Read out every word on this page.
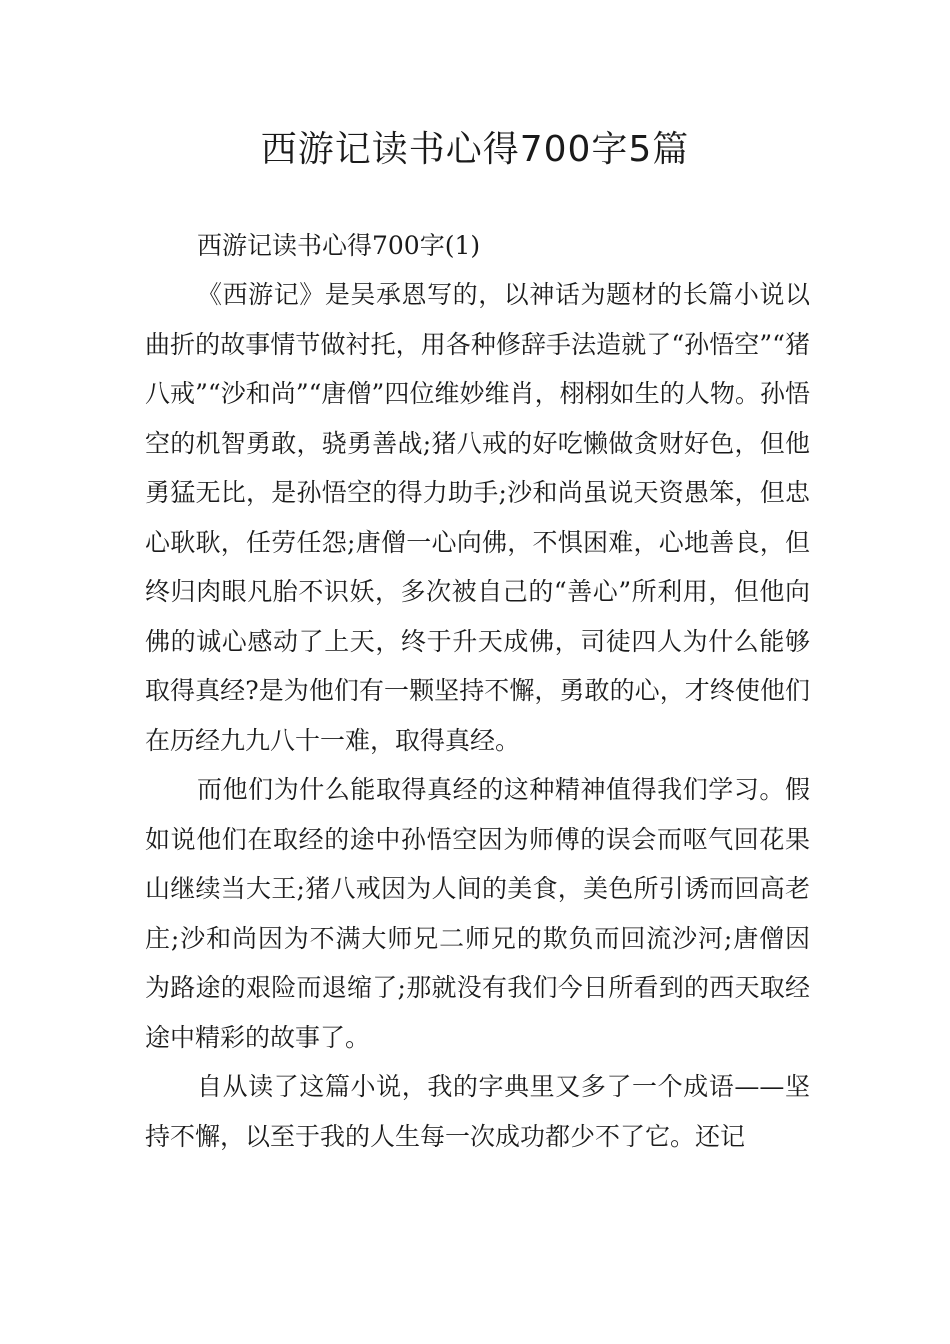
西游记读书心得700字5篇

西游记读书心得700字(1)

《西游记》是吴承恩写的，以神话为题材的长篇小说以曲折的故事情节做衬托，用各种修辞手法造就了“孙悟空”“猪八戒”“沙和尚”“唐僧”四位维妙维肖，栩栩如生的人物。孙悟空的机智勇敢，骁勇善战;猪八戒的好吃懒做贪财好色，但他勇猛无比，是孙悟空的得力助手;沙和尚虽说天资愚笨，但忠心耿耿，任劳任怨;唐僧一心向佛，不惧困难，心地善良，但终归肉眼凡胎不识妖，多次被自己的“善心”所利用，但他向佛的诚心感动了上天，终于升天成佛，司徒四人为什么能够取得真经?是为他们有一颗坚持不懈，勇敢的心，才终使他们在历经九九八十一难，取得真经。

而他们为什么能取得真经的这种精神值得我们学习。假如说他们在取经的途中孙悟空因为师傅的误会而呕气回花果山继续当大王;猪八戒因为人间的美食，美色所引诱而回高老庄;沙和尚因为不满大师兄二师兄的欺负而回流沙河;唐僧因为路途的艰险而退缩了;那就没有我们今日所看到的西天取经途中精彩的故事了。

自从读了这篇小说，我的字典里又多了一个成语——坚持不懈，以至于我的人生每一次成功都少不了它。还记
